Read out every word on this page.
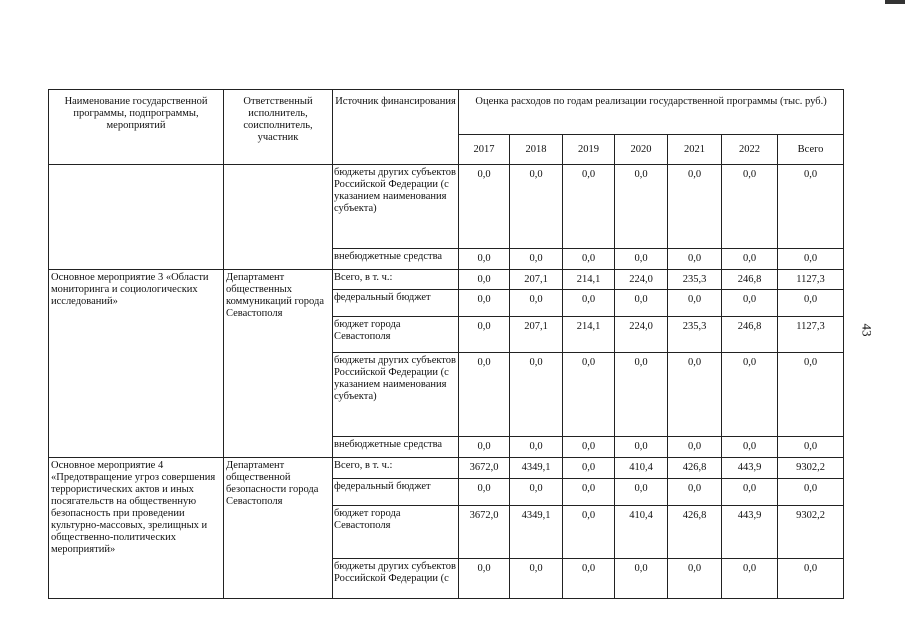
43
Наименование государственной программы, подпрограммы, мероприятий	Ответственный исполнитель, соисполнитель, участник	Источник финансирования	Оценка расходов по годам реализации государственной программы (тыс. руб.)						
			2017	2018	2019	2020	2021	2022	Всего
		бюджеты других субъектов Российской Федерации (с указанием наименования субъекта)	0,0	0,0	0,0	0,0	0,0	0,0	0,0
		внебюджетные средства	0,0	0,0	0,0	0,0	0,0	0,0	0,0
Основное мероприятие 3 «Области мониторинга и социологических исследований»	Департамент общественных коммуникаций города Севастополя	Всего, в т. ч.:	0,0	207,1	214,1	224,0	235,3	246,8	1127,3
		федеральный бюджет	0,0	0,0	0,0	0,0	0,0	0,0	0,0
		бюджет города Севастополя	0,0	207,1	214,1	224,0	235,3	246,8	1127,3
		бюджеты других субъектов Российской Федерации (с указанием наименования субъекта)	0,0	0,0	0,0	0,0	0,0	0,0	0,0
		внебюджетные средства	0,0	0,0	0,0	0,0	0,0	0,0	0,0
Основное мероприятие 4 «Предотвращение угроз совершения террористических актов и иных посягательств на общественную безопасность при проведении культурно-массовых, зрелищных и общественно-политических мероприятий»	Департамент общественной безопасности города Севастополя	Всего, в т. ч.:	3672,0	4349,1	0,0	410,4	426,8	443,9	9302,2
		федеральный бюджет	0,0	0,0	0,0	0,0	0,0	0,0	0,0
		бюджет города Севастополя	3672,0	4349,1	0,0	410,4	426,8	443,9	9302,2
		бюджеты других субъектов Российской Федерации (с	0,0	0,0	0,0	0,0	0,0	0,0	0,0
